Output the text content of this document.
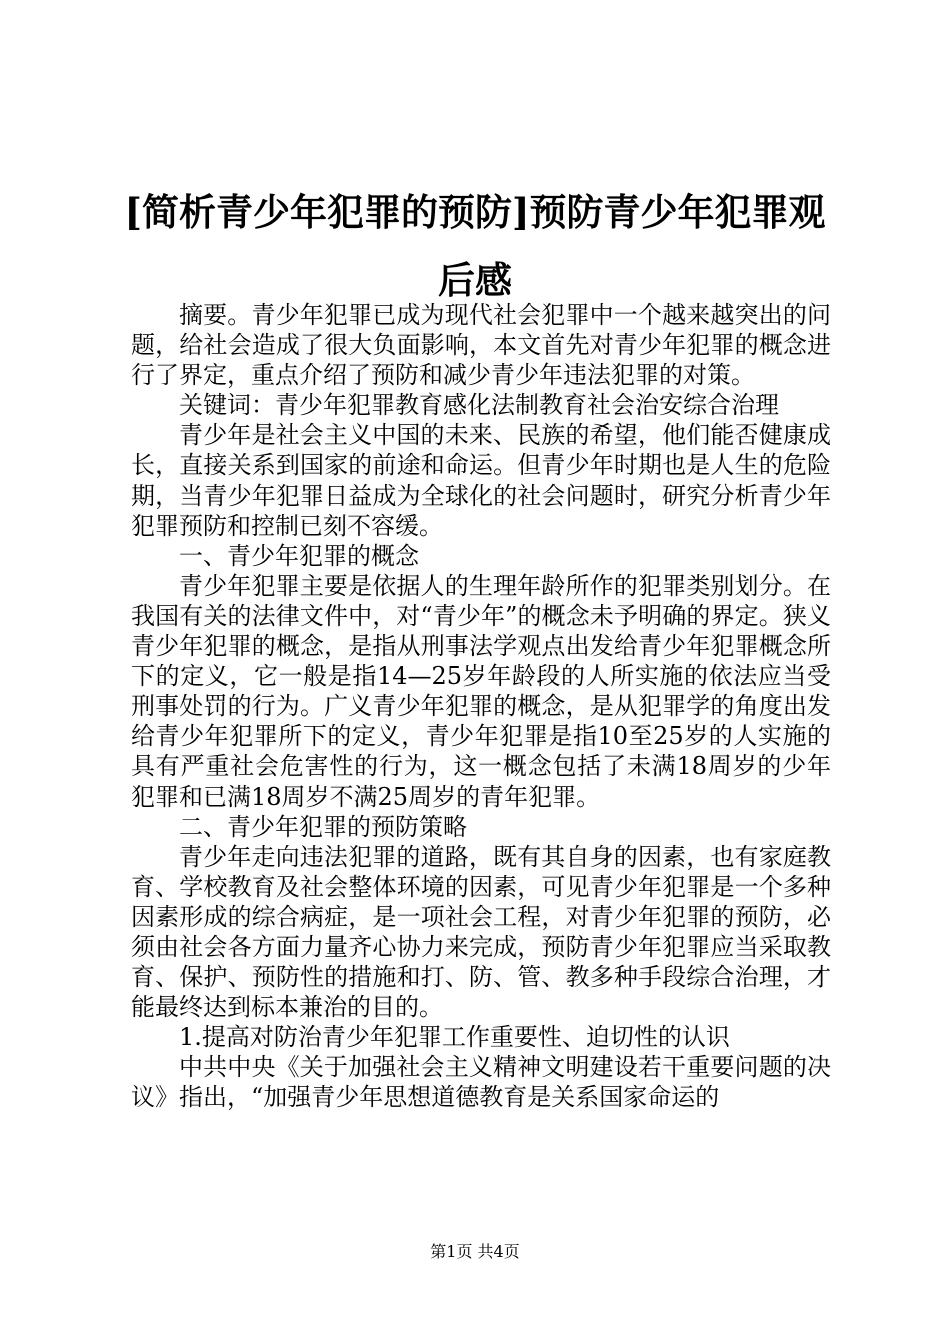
[简析青少年犯罪的预防]预防青少年犯罪观后感

摘要。青少年犯罪已成为现代社会犯罪中一个越来越突出的问题，给社会造成了很大负面影响，本文首先对青少年犯罪的概念进行了界定，重点介绍了预防和减少青少年违法犯罪的对策。

关键词：青少年犯罪教育感化法制教育社会治安综合治理

青少年是社会主义中国的未来、民族的希望，他们能否健康成长，直接关系到国家的前途和命运。但青少年时期也是人生的危险期，当青少年犯罪日益成为全球化的社会问题时，研究分析青少年犯罪预防和控制已刻不容缓。

一、青少年犯罪的概念

青少年犯罪主要是依据人的生理年龄所作的犯罪类别划分。在我国有关的法律文件中，对“青少年”的概念未予明确的界定。狭义青少年犯罪的概念，是指从刑事法学观点出发给青少年犯罪概念所下的定义，它一般是指14—25岁年龄段的人所实施的依法应当受刑事处罚的行为。广义青少年犯罪的概念，是从犯罪学的角度出发给青少年犯罪所下的定义，青少年犯罪是指10至25岁的人实施的具有严重社会危害性的行为，这一概念包括了未满18周岁的少年犯罪和已满18周岁不满25周岁的青年犯罪。

二、青少年犯罪的预防策略

青少年走向违法犯罪的道路，既有其自身的因素，也有家庭教育、学校教育及社会整体环境的因素，可见青少年犯罪是一个多种因素形成的综合病症，是一项社会工程，对青少年犯罪的预防，必须由社会各方面力量齐心协力来完成，预防青少年犯罪应当采取教育、保护、预防性的措施和打、防、管、教多种手段综合治理，才能最终达到标本兼治的目的。

1.提高对防治青少年犯罪工作重要性、迫切性的认识

中共中央《关于加强社会主义精神文明建设若干重要问题的决议》指出，“加强青少年思想道德教育是关系国家命运的

第1页 共4页
